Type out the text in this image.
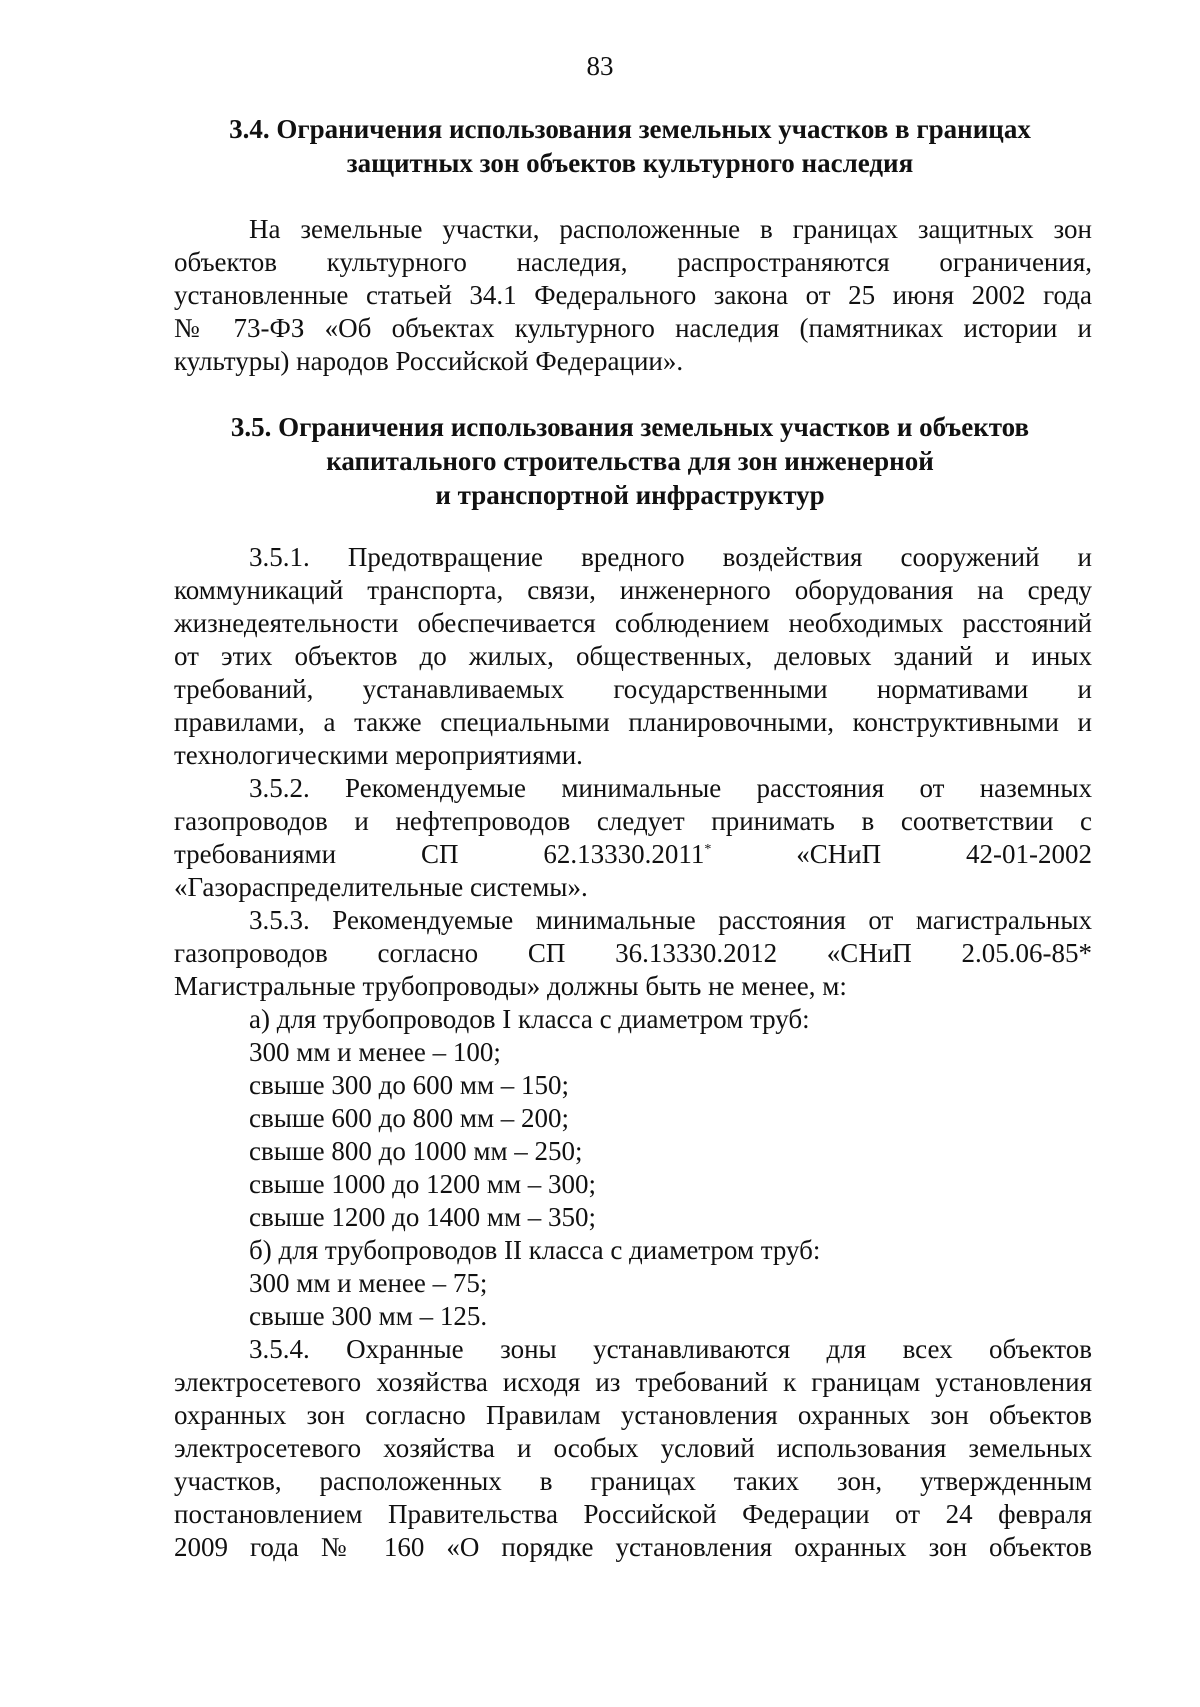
83
3.4. Ограничения использования земельных участков в границах
защитных зон объектов культурного наследия
На земельные участки, расположенные в границах защитных зон
объектов культурного наследия, распространяются ограничения,
установленные статьей 34.1 Федерального закона от 25 июня 2002 года
№ 73-ФЗ «Об объектах культурного наследия (памятниках истории и
культуры) народов Российской Федерации».
3.5. Ограничения использования земельных участков и объектов
капитального строительства для зон инженерной
и транспортной инфраструктур
3.5.1. Предотвращение вредного воздействия сооружений и
коммуникаций транспорта, связи, инженерного оборудования на среду
жизнедеятельности обеспечивается соблюдением необходимых расстояний
от этих объектов до жилых, общественных, деловых зданий и иных
требований, устанавливаемых государственными нормативами и
правилами, а также специальными планировочными, конструктивными и
технологическими мероприятиями.
3.5.2. Рекомендуемые минимальные расстояния от наземных
газопроводов и нефтепроводов следует принимать в соответствии с
требованиями СП 62.13330.2011*	«СНиП 42-01-2002
«Газораспределительные системы».
3.5.3. Рекомендуемые минимальные расстояния от магистральных
газопроводов согласно СП 36.13330.2012 «СНиП 2.05.06-85*
Магистральные трубопроводы» должны быть не менее, м:
а) для трубопроводов I класса с диаметром труб:
300 мм и менее – 100;
свыше 300 до 600 мм – 150;
свыше 600 до 800 мм – 200;
свыше 800 до 1000 мм – 250;
свыше 1000 до 1200 мм – 300;
свыше 1200 до 1400 мм – 350;
б) для трубопроводов II класса с диаметром труб:
300 мм и менее – 75;
свыше 300 мм – 125.
3.5.4. Охранные зоны устанавливаются для всех объектов
электросетевого хозяйства исходя из требований к границам установления
охранных зон согласно Правилам установления охранных зон объектов
электросетевого хозяйства и особых условий использования земельных
участков, расположенных в границах таких зон, утвержденным
постановлением Правительства Российской Федерации от 24 февраля
2009 года № 160 «О порядке установления охранных зон объектов
